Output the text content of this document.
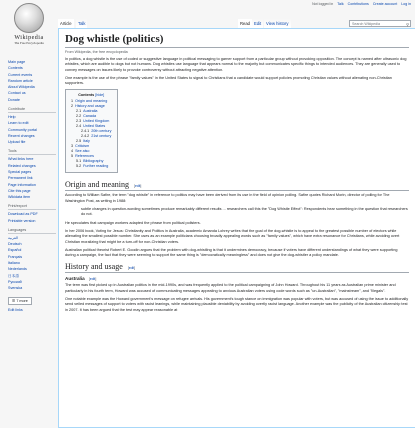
Not logged in Talk Contributions Create account Log in
Wikipedia
The Free Encyclopedia
Article	Talk	Read Edit	View history	Search Wikipedia	⚲
Main page
Contents
Current events
Random article
About Wikipedia
Contact us
Donate
Contribute
Help
Learn to edit
Community portal
Recent changes
Upload file
Tools
What links here
Related changes
Special pages
Permanent link
Page information
Cite this page
Wikidata item
Print/export
Download as PDF
Printable version
Languages
العربية
Deutsch
Español
Français
Italiano
Nederlands
日本語
Русский
Svenska
☰ 7 more
Edit links
Dog whistle (politics)
From Wikipedia, the free encyclopedia

In politics, a dog whistle is the use of coded or suggestive language in political messaging to garner support from a particular group without provoking opposition. The concept is named after ultrasonic dog whistles, which are audible to dogs but not humans. Dog whistles use language that appears normal to the majority but communicates specific things to intended audiences. They are generally used to convey messages on issues likely to provoke controversy without attracting negative attention.

One example is the use of the phrase "family values" in the United States to signal to Christians that a candidate would support policies promoting Christian values without alienating non-Christian supporters.

Contents [hide]
1 Origin and meaning
2 History and usage
2.1 Australia
2.2 Canada
2.3 United Kingdom
2.4 United States
2.4.1 20th century
2.4.2 21st century
2.5 Italy
3 Criticism
4 See also
5 References
5.1 Bibliography
5.2 Further reading
Origin and meaning [edit]

According to William Safire, the term "dog whistle" in reference to politics may have been derived from its use in the field of opinion polling. Safire quotes Richard Morin, director of polling for The Washington Post, as writing in 1988:

subtle changes in question-wording sometimes produce remarkably different results ... researchers call this the "Dog Whistle Effect": Respondents hear something in the question that researchers do not.

He speculates that campaign workers adapted the phrase from political pollsters.

In her 2006 book, Voting for Jesus: Christianity and Politics in Australia, academic Amanda Lohrey writes that the goal of the dog-whistle is to appeal to the greatest possible number of electors while alienating the smallest possible number. She uses as an example politicians choosing broadly appealing words such as "family values", which have extra resonance for Christians, while avoiding overt Christian moralizing that might be a turn-off for non-Christian voters.

Australian political theorist Robert E. Goodin argues that the problem with dog-whistling is that it undermines democracy, because if voters have different understandings of what they were supporting during a campaign, the fact that they were seeming to support the same thing is "democratically meaningless" and does not give the dog-whistler a policy mandate.

History and usage [edit]
Australia [edit]

The term was first picked up in Australian politics in the mid-1990s, and was frequently applied to the political campaigning of John Howard. Throughout his 11 years as Australian prime minister and particularly in his fourth term, Howard was accused of communicating messages appealing to anxious Australian voters using code words such as "un-Australian", "mainstream", and "illegals".

One notable example was the Howard government's message on refugee arrivals. His government's tough stance on immigration was popular with voters, but was accused of using the issue to additionally send veiled messages of support to voters with racist leanings, while maintaining plausible deniability by avoiding overtly racist language. Another example was the publicity of the Australian citizenship test in 2007. It has been argued that the test may appear reasonable at
